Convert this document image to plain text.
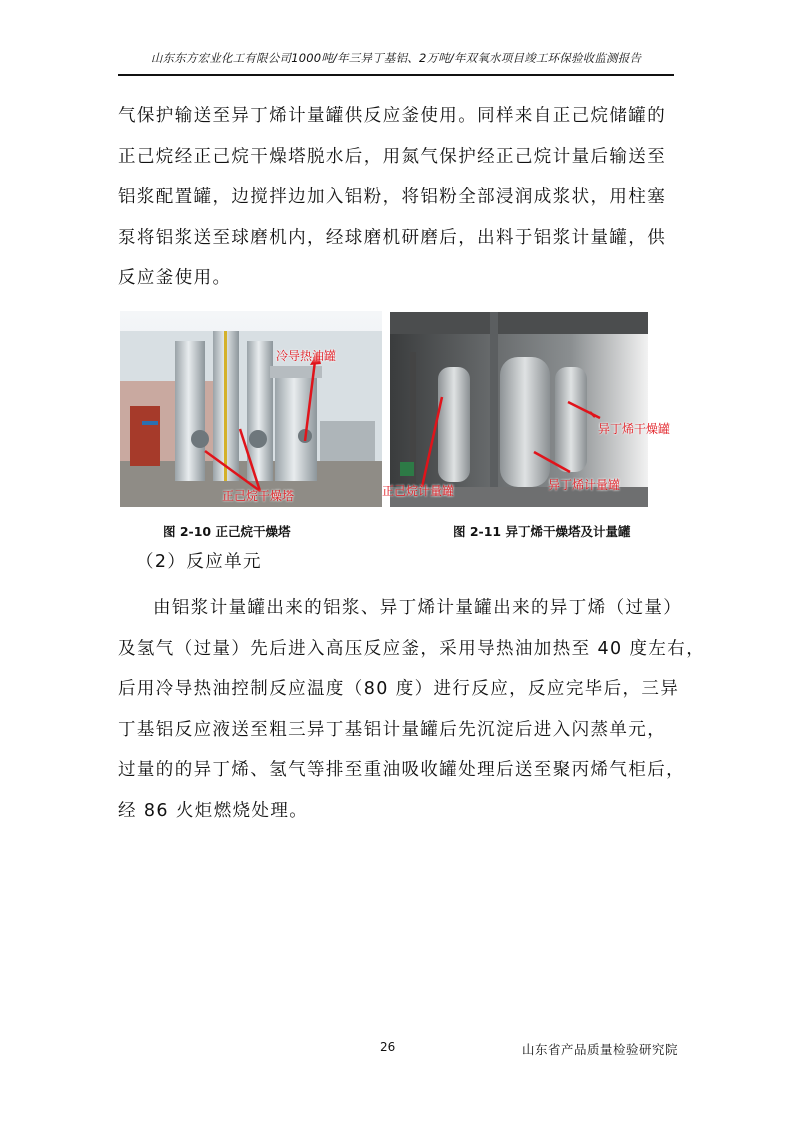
山东东方宏业化工有限公司1000吨/年三异丁基铝、2万吨/年双氧水项目竣工环保验收监测报告
气保护输送至异丁烯计量罐供反应釜使用。同样来自正己烷储罐的
正己烷经正己烷干燥塔脱水后，用氮气保护经正己烷计量后输送至
铝浆配置罐，边搅拌边加入铝粉，将铝粉全部浸润成浆状，用柱塞
泵将铝浆送至球磨机内，经球磨机研磨后，出料于铝浆计量罐，供
反应釜使用。
冷导热油罐
正己烷干燥塔
异丁烯干燥罐
异丁烯计量罐
正己烷计量罐
图 2-10 正己烷干燥塔	图 2-11 异丁烯干燥塔及计量罐
（2）反应单元
由铝浆计量罐出来的铝浆、异丁烯计量罐出来的异丁烯（过量）
及氢气（过量）先后进入高压反应釜，采用导热油加热至 40 度左右，
后用冷导热油控制反应温度（80 度）进行反应，反应完毕后，三异
丁基铝反应液送至粗三异丁基铝计量罐后先沉淀后进入闪蒸单元，
过量的的异丁烯、氢气等排至重油吸收罐处理后送至聚丙烯气柜后，
经 86 火炬燃烧处理。
26	山东省产品质量检验研究院
